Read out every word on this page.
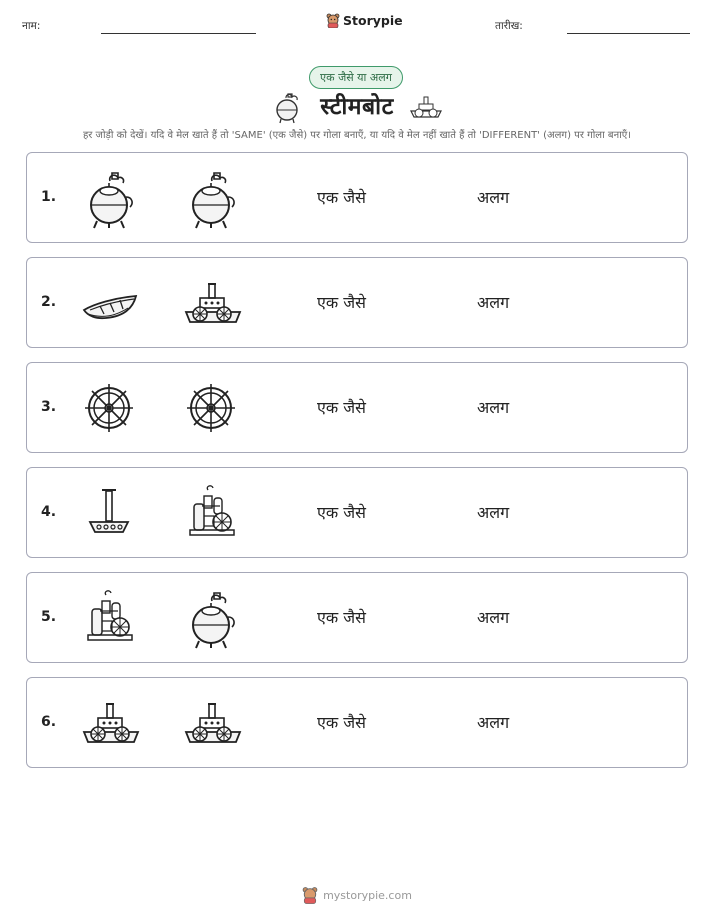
नाम:	Storypie	तारीख:
एक जैसे या अलग
स्टीमबोट
हर जोड़ी को देखें। यदि वे मेल खाते हैं तो 'SAME' (एक जैसे) पर गोला बनाएँ, या यदि वे मेल नहीं खाते हैं तो 'DIFFERENT' (अलग) पर गोला बनाएँ।
1.	एक जैसे	अलग
2.	एक जैसे	अलग
3.	एक जैसे	अलग
4.	एक जैसे	अलग
5.	एक जैसे	अलग
6.	एक जैसे	अलग
mystorypie.com
